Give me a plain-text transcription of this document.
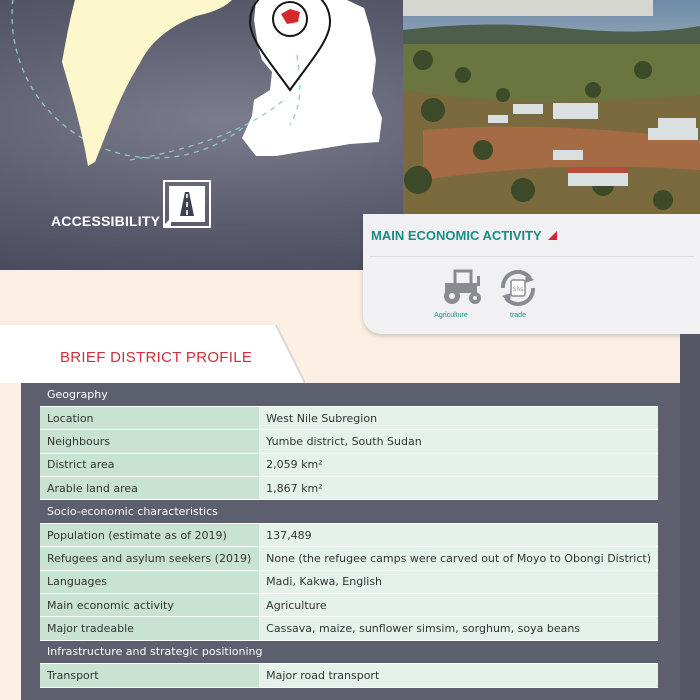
ACCESSIBILITY
MAIN ECONOMIC ACTIVITY
Agriculture
Shs
trade
BRIEF DISTRICT PROFILE
Geography	
Location	West Nile Subregion
Neighbours	Yumbe district, South Sudan
District area	2,059 km²
Arable land area	1,867 km²
Socio-economic characteristics	
Population (estimate as of 2019)	137,489
Refugees and asylum seekers (2019)	None (the refugee camps were carved out of Moyo to Obongi District)
Languages	Madi, Kakwa, English
Main economic activity	Agriculture
Major tradeable	Cassava, maize, sunflower simsim, sorghum, soya beans
Infrastructure and strategic positioning	
Transport	Major road transport
